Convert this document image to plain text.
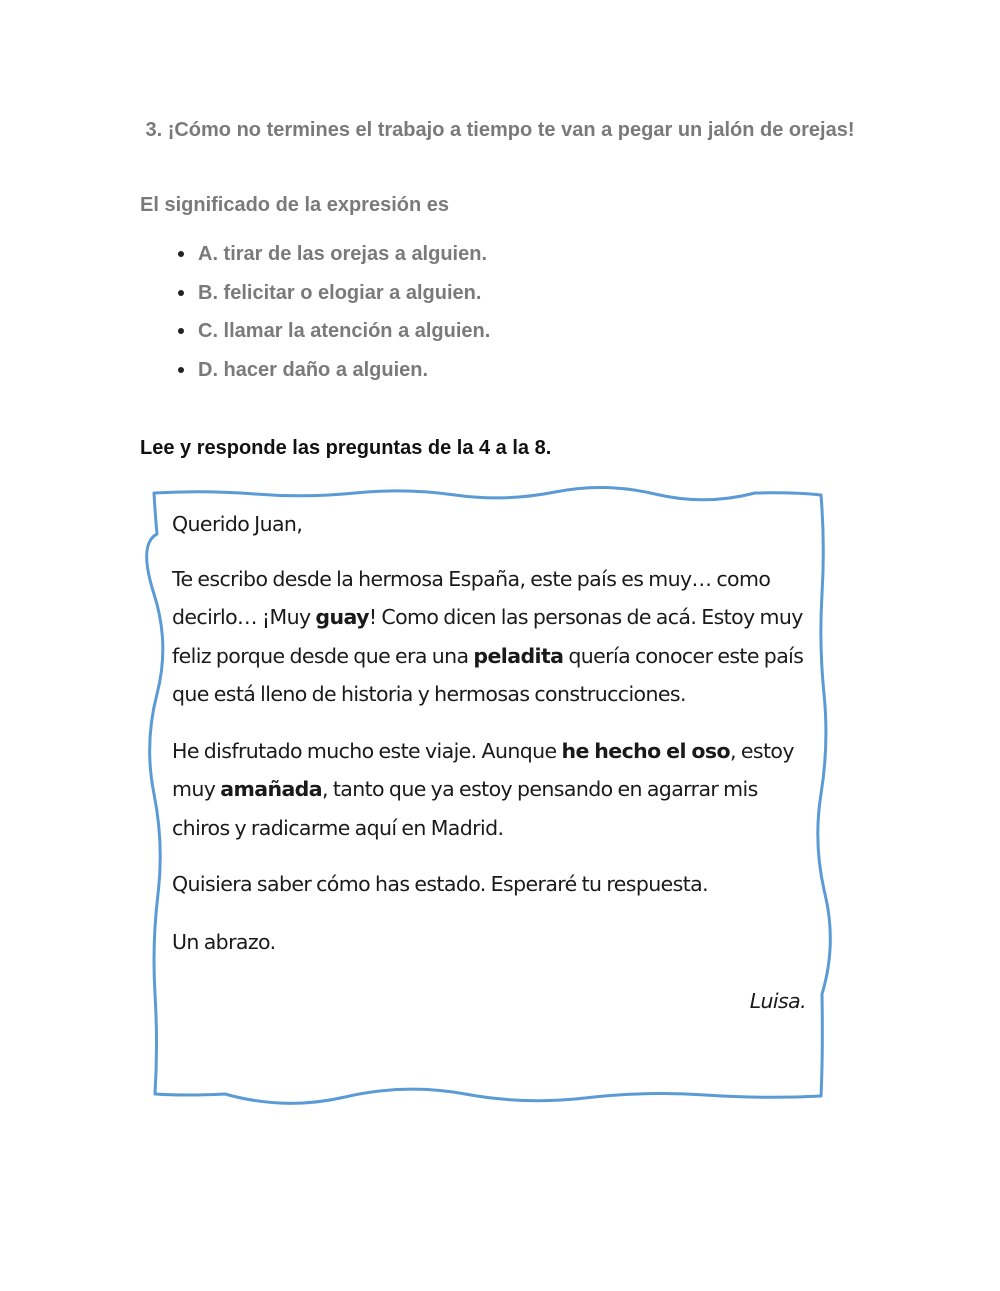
3. ¡Cómo no termines el trabajo a tiempo te van a pegar un jalón de orejas!

El significado de la expresión es

A. tirar de las orejas a alguien.
B. felicitar o elogiar a alguien.
C. llamar la atención a alguien.
D. hacer daño a alguien.

Lee y responde las preguntas de la 4 a la 8.

Querido Juan,

Te escribo desde la hermosa España, este país es muy… como decirlo… ¡Muy guay! Como dicen las personas de acá. Estoy muy feliz porque desde que era una peladita quería conocer este país que está lleno de historia y hermosas construcciones.

He disfrutado mucho este viaje. Aunque he hecho el oso, estoy muy amañada, tanto que ya estoy pensando en agarrar mis chiros y radicarme aquí en Madrid.

Quisiera saber cómo has estado. Esperaré tu respuesta.

Un abrazo.

Luisa.
